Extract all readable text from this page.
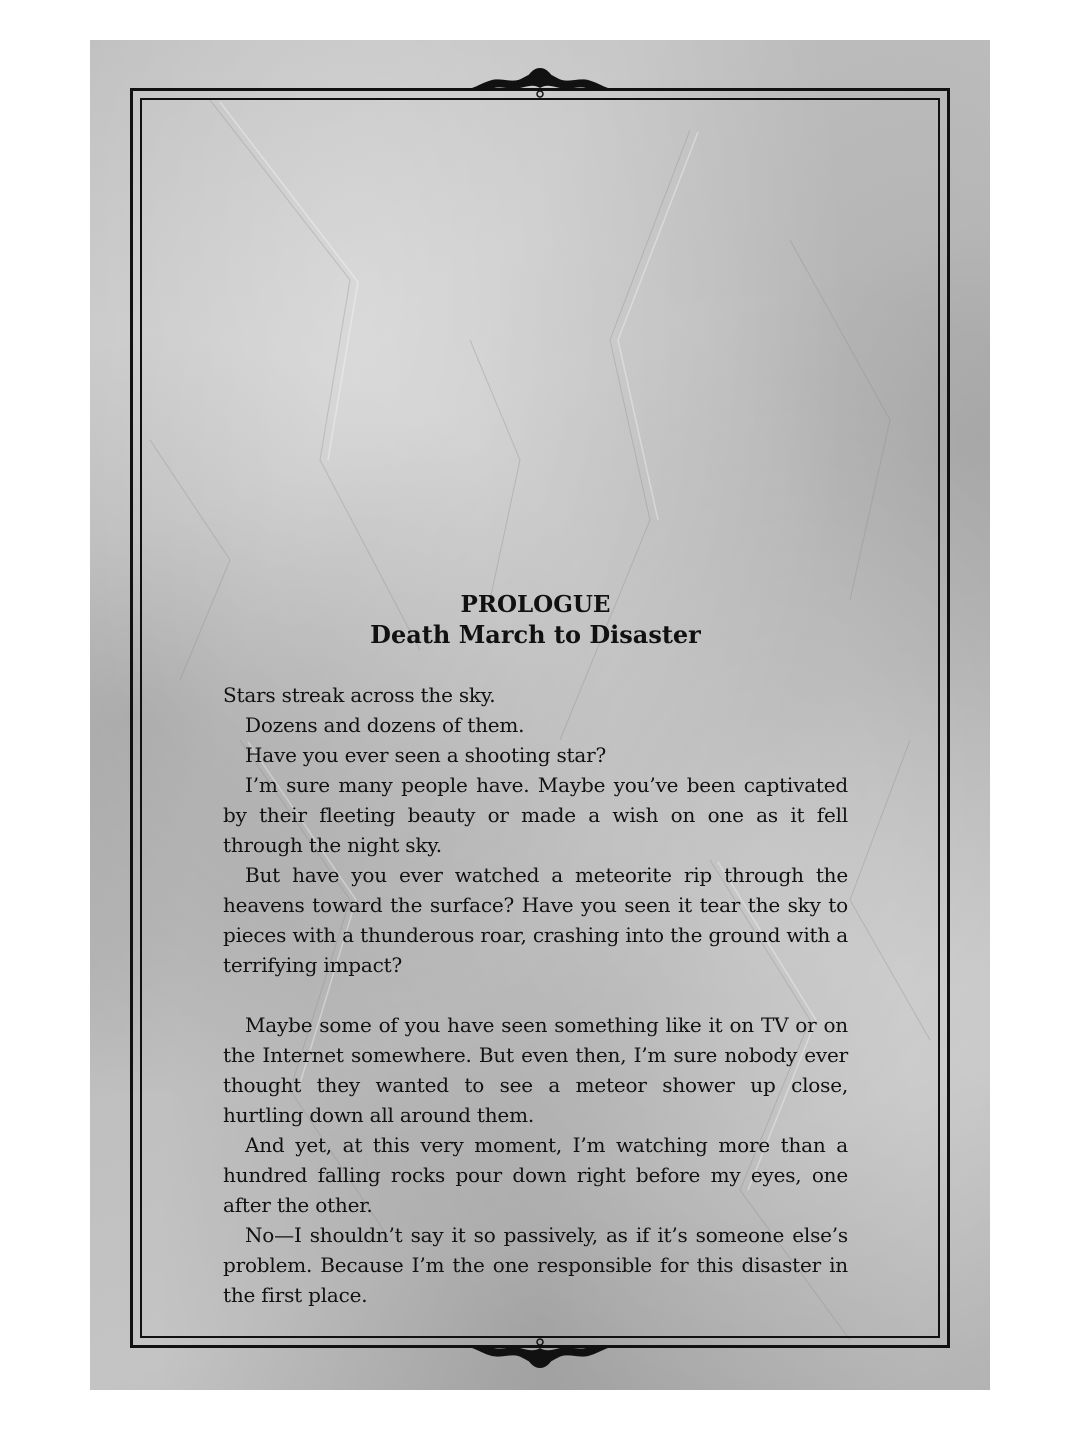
PROLOGUE

Death March to Disaster

Stars streak across the sky.

Dozens and dozens of them.

Have you ever seen a shooting star?

I’m sure many people have. Maybe you’ve been captivated by their fleeting beauty or made a wish on one as it fell through the night sky.

But have you ever watched a meteorite rip through the heavens toward the surface? Have you seen it tear the sky to pieces with a thunderous roar, crashing into the ground with a terrifying impact?

Maybe some of you have seen something like it on TV or on the Internet somewhere. But even then, I’m sure nobody ever thought they wanted to see a meteor shower up close, hurtling down all around them.

And yet, at this very moment, I’m watching more than a hundred falling rocks pour down right before my eyes, one after the other.

No—I shouldn’t say it so passively, as if it’s someone else’s problem. Because I’m the one responsible for this disaster in the first place.
